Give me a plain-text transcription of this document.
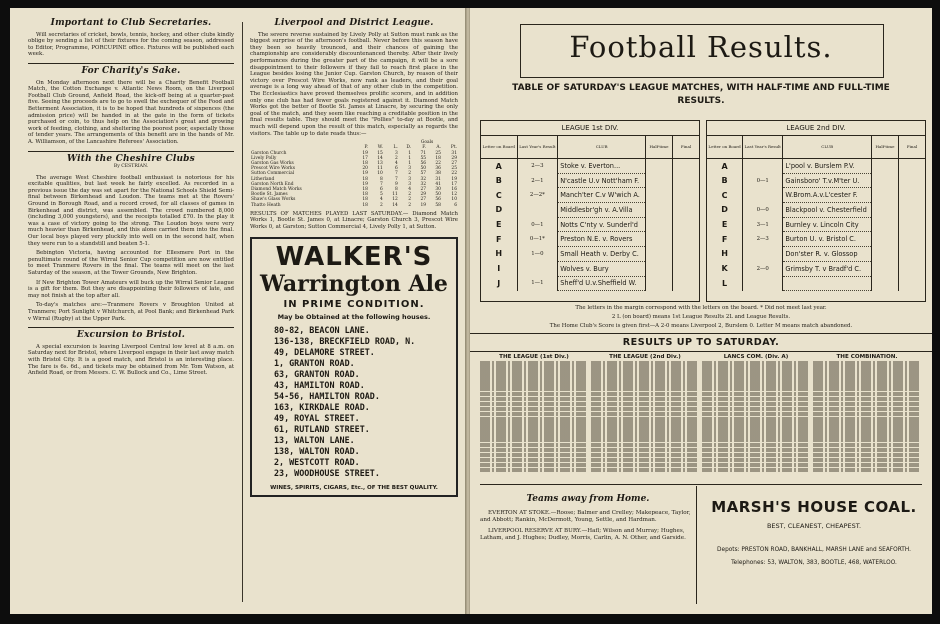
Important to Club Secretaries.

Will secretaries of cricket, bowls, tennis, hockey, and other clubs kindly oblige by sending a list of their fixtures for the coming season, addressed to Editor, Programme, PORCUPINE office. Fixtures will be published each week.

For Charity's Sake.

On Monday afternoon next there will be a Charity Benefit Football Match, the Cotton Exchange v. Atlantic News Room, on the Liverpool Football Club Ground, Anfield Road, the kick-off being at a quarter-past five. Seeing the proceeds are to go to swell the exchequer of the Food and Betterment Association, it is to be hoped that hundreds of sixpences (the admission price) will be handed in at the gate in the form of tickets purchased or coin, to thus help on the Association's great and growing work of feeding, clothing, and sheltering the poorest poor, especially those of tender years. The arrangements of this benefit are in the hands of Mr. A. Williamson, of the Lancashire Referees' Association.

With the Cheshire Clubs
By CESTRIAN.

The average West Cheshire football enthusiast is notorious for his excitable qualities, but last week he fairly excelled. As recorded in a previous issue the day was set apart for the National Schools Shield Semi-final between Birkenhead and Loudon. The teams met at the Rovers' Ground in Borough Road, and a record crowd, for all classes of games in Birkenhead and district, was assembled. The crowd numbered 8,000 (including 3,000 youngsters), and the receipts totalled £70. In the play it was a case of victory going to the strong. The Loudon boys were very much heavier than Birkenhead, and this alone carried them into the final. Our local boys played very pluckily into well on in the second half, when they were run to a standstill and beaten 5-1.

Bebington Victoria, having accounted for Ellesmere Port in the penultimate round of the Wirral Senior Cup competition are now entitled to meet Tranmere Rovers in the final. The teams will meet on the last Saturday of the season, at the Tower Grounds, New Brighton.

If New Brighton Tower Amateurs will buck up the Wirral Senior League is a gift for them. But they are disappointing their followers of late, and may not finish at the top after all.

To-day's matches are:—Tranmere Rovers v Broughton United at Tranmere; Port Sunlight v Whitchurch, at Pool Bank; and Birkenhead Park v Wirral (Rugby) at the Upper Park.

Excursion to Bristol.

A special excursion is leaving Liverpool Central low level at 8 a.m. on Saturday next for Bristol, where Liverpool engage in their last away match with Bristol City. It is a good match, and Bristol is an interesting place. The fare is 6s. 6d., and tickets may be obtained from Mr. Tom Watson, at Anfield Road, or from Messrs. C. W. Bullock and Co., Lime Street.

Liverpool and District League.

The severe reverse sustained by Lively Polly at Sutton must rank as the biggest surprise of the afternoon's football. Never before this season have they been so heavily trounced, and their chances of gaining the championship are considerably discountenanced thereby. After their lively performances during the greater part of the campaign, it will be a sore disappointment to their followers if they fail to reach first place in the League besides losing the Junior Cup. Garston Church, by reason of their victory over Prescot Wire Works, now rank as leaders, and their goal average is a long way ahead of that of any other club in the competition. The Ecclesiastics have proved themselves prolific scorers, and in addition only one club has had fewer goals registered against it. Diamond Match Works got the better of Bootle St. James at Linacre, by securing the only goal of the match, and they seem like reaching a creditable position in the final results table. They should meet the "Pollies" to-day at Bootle, and much will depend upon the result of this match, especially as regards the visitors. The table up to date reads thus:—

					Goals		
	P.	W.	L.	D.	F.	A.	Pt.
Garston Church	19	15	3	1	71	25	31
Lively Polly	17	14	2	1	55	18	29
Garston Gas Works	18	13	4	1	56	22	27
Prescot Wire Works	20	11	6	3	50	36	25
Sutton Commercial	19	10	7	2	57	38	22
Litherland	18	8	7	3	32	31	19
Garston North End	19	7	9	3	32	41	17
Diamond Match Works	18	6	8	4	27	30	16
Bootle St. James	18	5	11	2	29	50	12
Shaw's Glass Works	18	4	12	2	27	56	10
Thatto Heath	18	2	14	2	19	58	6

RESULTS OF MATCHES PLAYED LAST SATURDAY.— Diamond Match Works 1, Bootle St. James 0, at Linacre; Garston Church 3, Prescot Wire Works 0, at Garston; Sutton Commercial 4, Lively Polly 1, at Sutton.

WALKER'S
Warrington Ale
IN PRIME CONDITION.
May be Obtained at the following houses.
80-82, BEACON LANE.
136-138, BRECKFIELD ROAD, N.
49, DELAMORE STREET.
1, GRANTON ROAD.
63, GRANTON ROAD.
43, HAMILTON ROAD.
54-56, HAMILTON ROAD.
163, KIRKDALE ROAD.
49, ROYAL STREET.
61, RUTLAND STREET.
13, WALTON LANE.
138, WALTON ROAD.
2, WESTCOTT ROAD.
23, WOODHOUSE STREET.
WINES, SPIRITS, CIGARS, Etc., OF THE BEST QUALITY.
Football Results.
TABLE OF SATURDAY'S LEAGUE MATCHES, WITH HALF-TIME AND FULL-TIME RESULTS.
LEAGUE 1st DIV.
Letter on Board	Last Year's Result	CLUB	Half-time	Final
A	2—3	Stoke v. Everton...		
B	2—1	N'castle U.v Nott'ham F.		
C	2—2*	Manch'ter C.v W'wich A.		
D		Middlesbr'gh v. A.Villa		
E	0—1	Notts C'nty v. Sunderl'd		
F	0—1*	Preston N.E. v. Rovers		
H	1—0	Small Heath v. Derby C.		
I		Wolves v. Bury		
J	1—1	Sheff'd U.v.Sheffield W.		
LEAGUE 2nd DIV.
Letter on Board	Last Year's Result	CLUB	Half-time	Final
A		L'pool v. Burslem P.V.		
B	0—1	Gainsboro' T.v.M'ter U.		
C		W.Brom.A.v.L'cester F.		
D	0—0	Blackpool v. Chesterfield		
E	3—1	Burnley v. Lincoln City		
F	2—3	Burton U. v. Bristol C.		
H		Don'ster R. v. Glossop		
K	2—0	Grimsby T. v Bradf'd C.		
L				
The letters in the margin correspond with the letters on the board. * Did not meet last year.
2 L (on board) means 1st League Results 2L and League Results.
The Home Club's Score is given first—A 2-0 means Liverpool 2, Burslem 0. Letter M means match abandoned.
RESULTS UP TO SATURDAY.
THE LEAGUE (1st Div.)	THE LEAGUE (2nd Div.)	LANCS COM. (Div. A)	THE COMBINATION.
Teams away from Home.

EVERTON AT STOKE.—Roose; Balmer and Crelley; Makepeace, Taylor, and Abbott; Rankin, McDermott, Young, Settle, and Hardman.

LIVERPOOL RESERVE AT BURY.—Hafl; Wilson and Murray; Hughes, Latham, and J. Hughes; Dudley, Morris, Carlin, A. N. Other, and Garside.

MARSH'S HOUSE COAL.
BEST, CLEANEST, CHEAPEST.
Depots: PRESTON ROAD, BANKHALL, MARSH LANE and SEAFORTH.
Telephones: 53, WALTON, 383, BOOTLE, 468, WATERLOO.
